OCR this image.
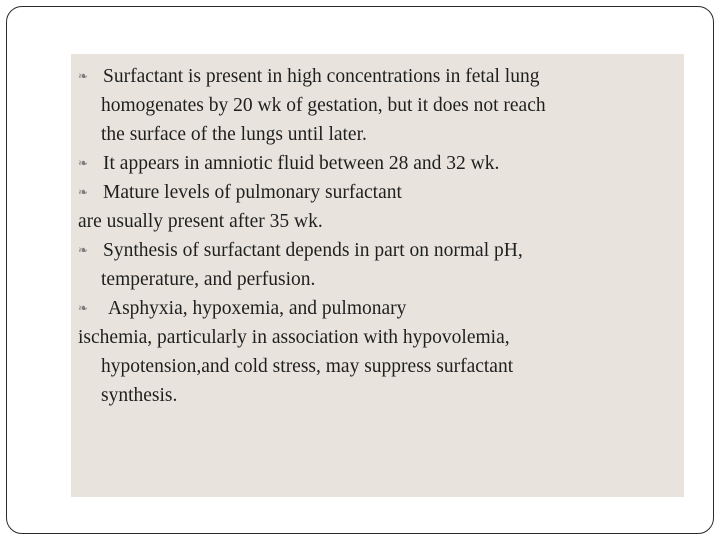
❧ Surfactant is present in high concentrations in fetal lung
homogenates by 20 wk of gestation, but it does not reach
the surface of the lungs until later.
❧ It appears in amniotic fluid between 28 and 32 wk.
❧ Mature levels of pulmonary surfactant
are usually present after 35 wk.
❧ Synthesis of surfactant depends in part on normal pH,
temperature, and perfusion.
❧ Asphyxia, hypoxemia, and pulmonary
ischemia, particularly in association with hypovolemia,
hypotension,and cold stress, may suppress surfactant
synthesis.
